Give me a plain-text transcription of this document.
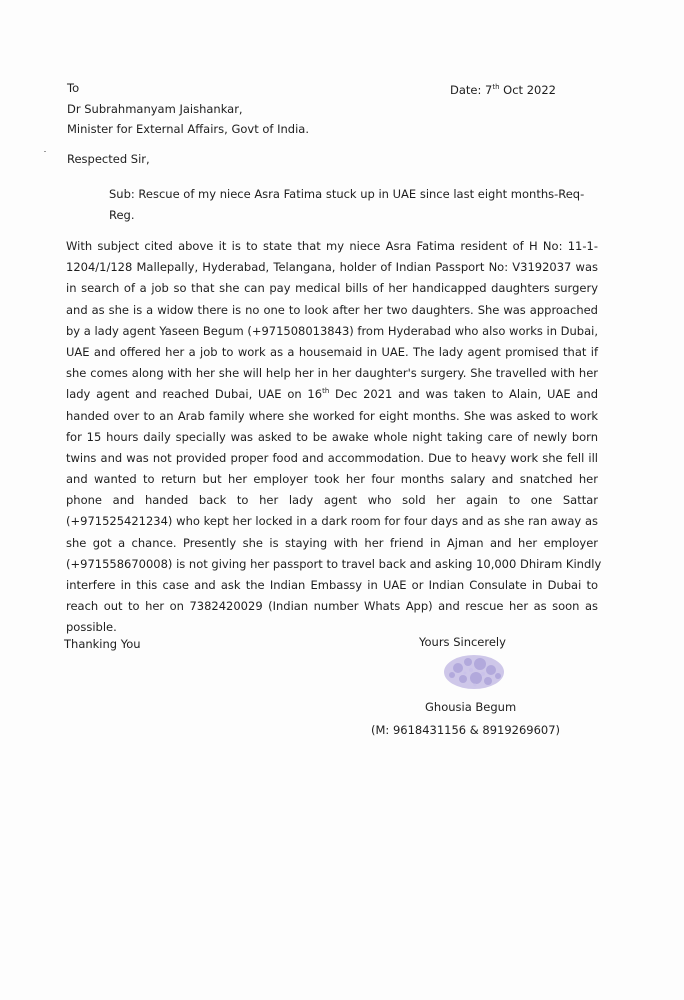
To
Dr Subrahmanyam Jaishankar,
Minister for External Affairs, Govt of India.
Date: 7th Oct 2022
Respected Sir,
Sub: Rescue of my niece Asra Fatima stuck up in UAE since last eight months-Req-
Reg.
With subject cited above it is to state that my niece Asra Fatima resident of H No: 11-1-
1204/1/128 Mallepally, Hyderabad, Telangana, holder of Indian Passport No: V3192037 was
in search of a job so that she can pay medical bills of her handicapped daughters surgery
and as she is a widow there is no one to look after her two daughters. She was approached
by a lady agent Yaseen Begum (+971508013843) from Hyderabad who also works in Dubai,
UAE and offered her a job to work as a housemaid in UAE. The lady agent promised that if
she comes along with her she will help her in her daughter's surgery. She travelled with her
lady agent and reached Dubai, UAE on 16th Dec 2021 and was taken to Alain, UAE and
handed over to an Arab family where she worked for eight months. She was asked to work
for 15 hours daily specially was asked to be awake whole night taking care of newly born
twins and was not provided proper food and accommodation. Due to heavy work she fell ill
and wanted to return but her employer took her four months salary and snatched her
phone and handed back to her lady agent who sold her again to one Sattar
(+971525421234) who kept her locked in a dark room for four days and as she ran away as
she got a chance. Presently she is staying with her friend in Ajman and her employer
(+971558670008) is not giving her passport to travel back and asking 10,000 Dhiram Kindly
interfere in this case and ask the Indian Embassy in UAE or Indian Consulate in Dubai to
reach out to her on 7382420029 (Indian number Whats App) and rescue her as soon as
possible.
Thanking You	Yours Sincerely
Ghousia Begum
(M: 9618431156 & 8919269607)
